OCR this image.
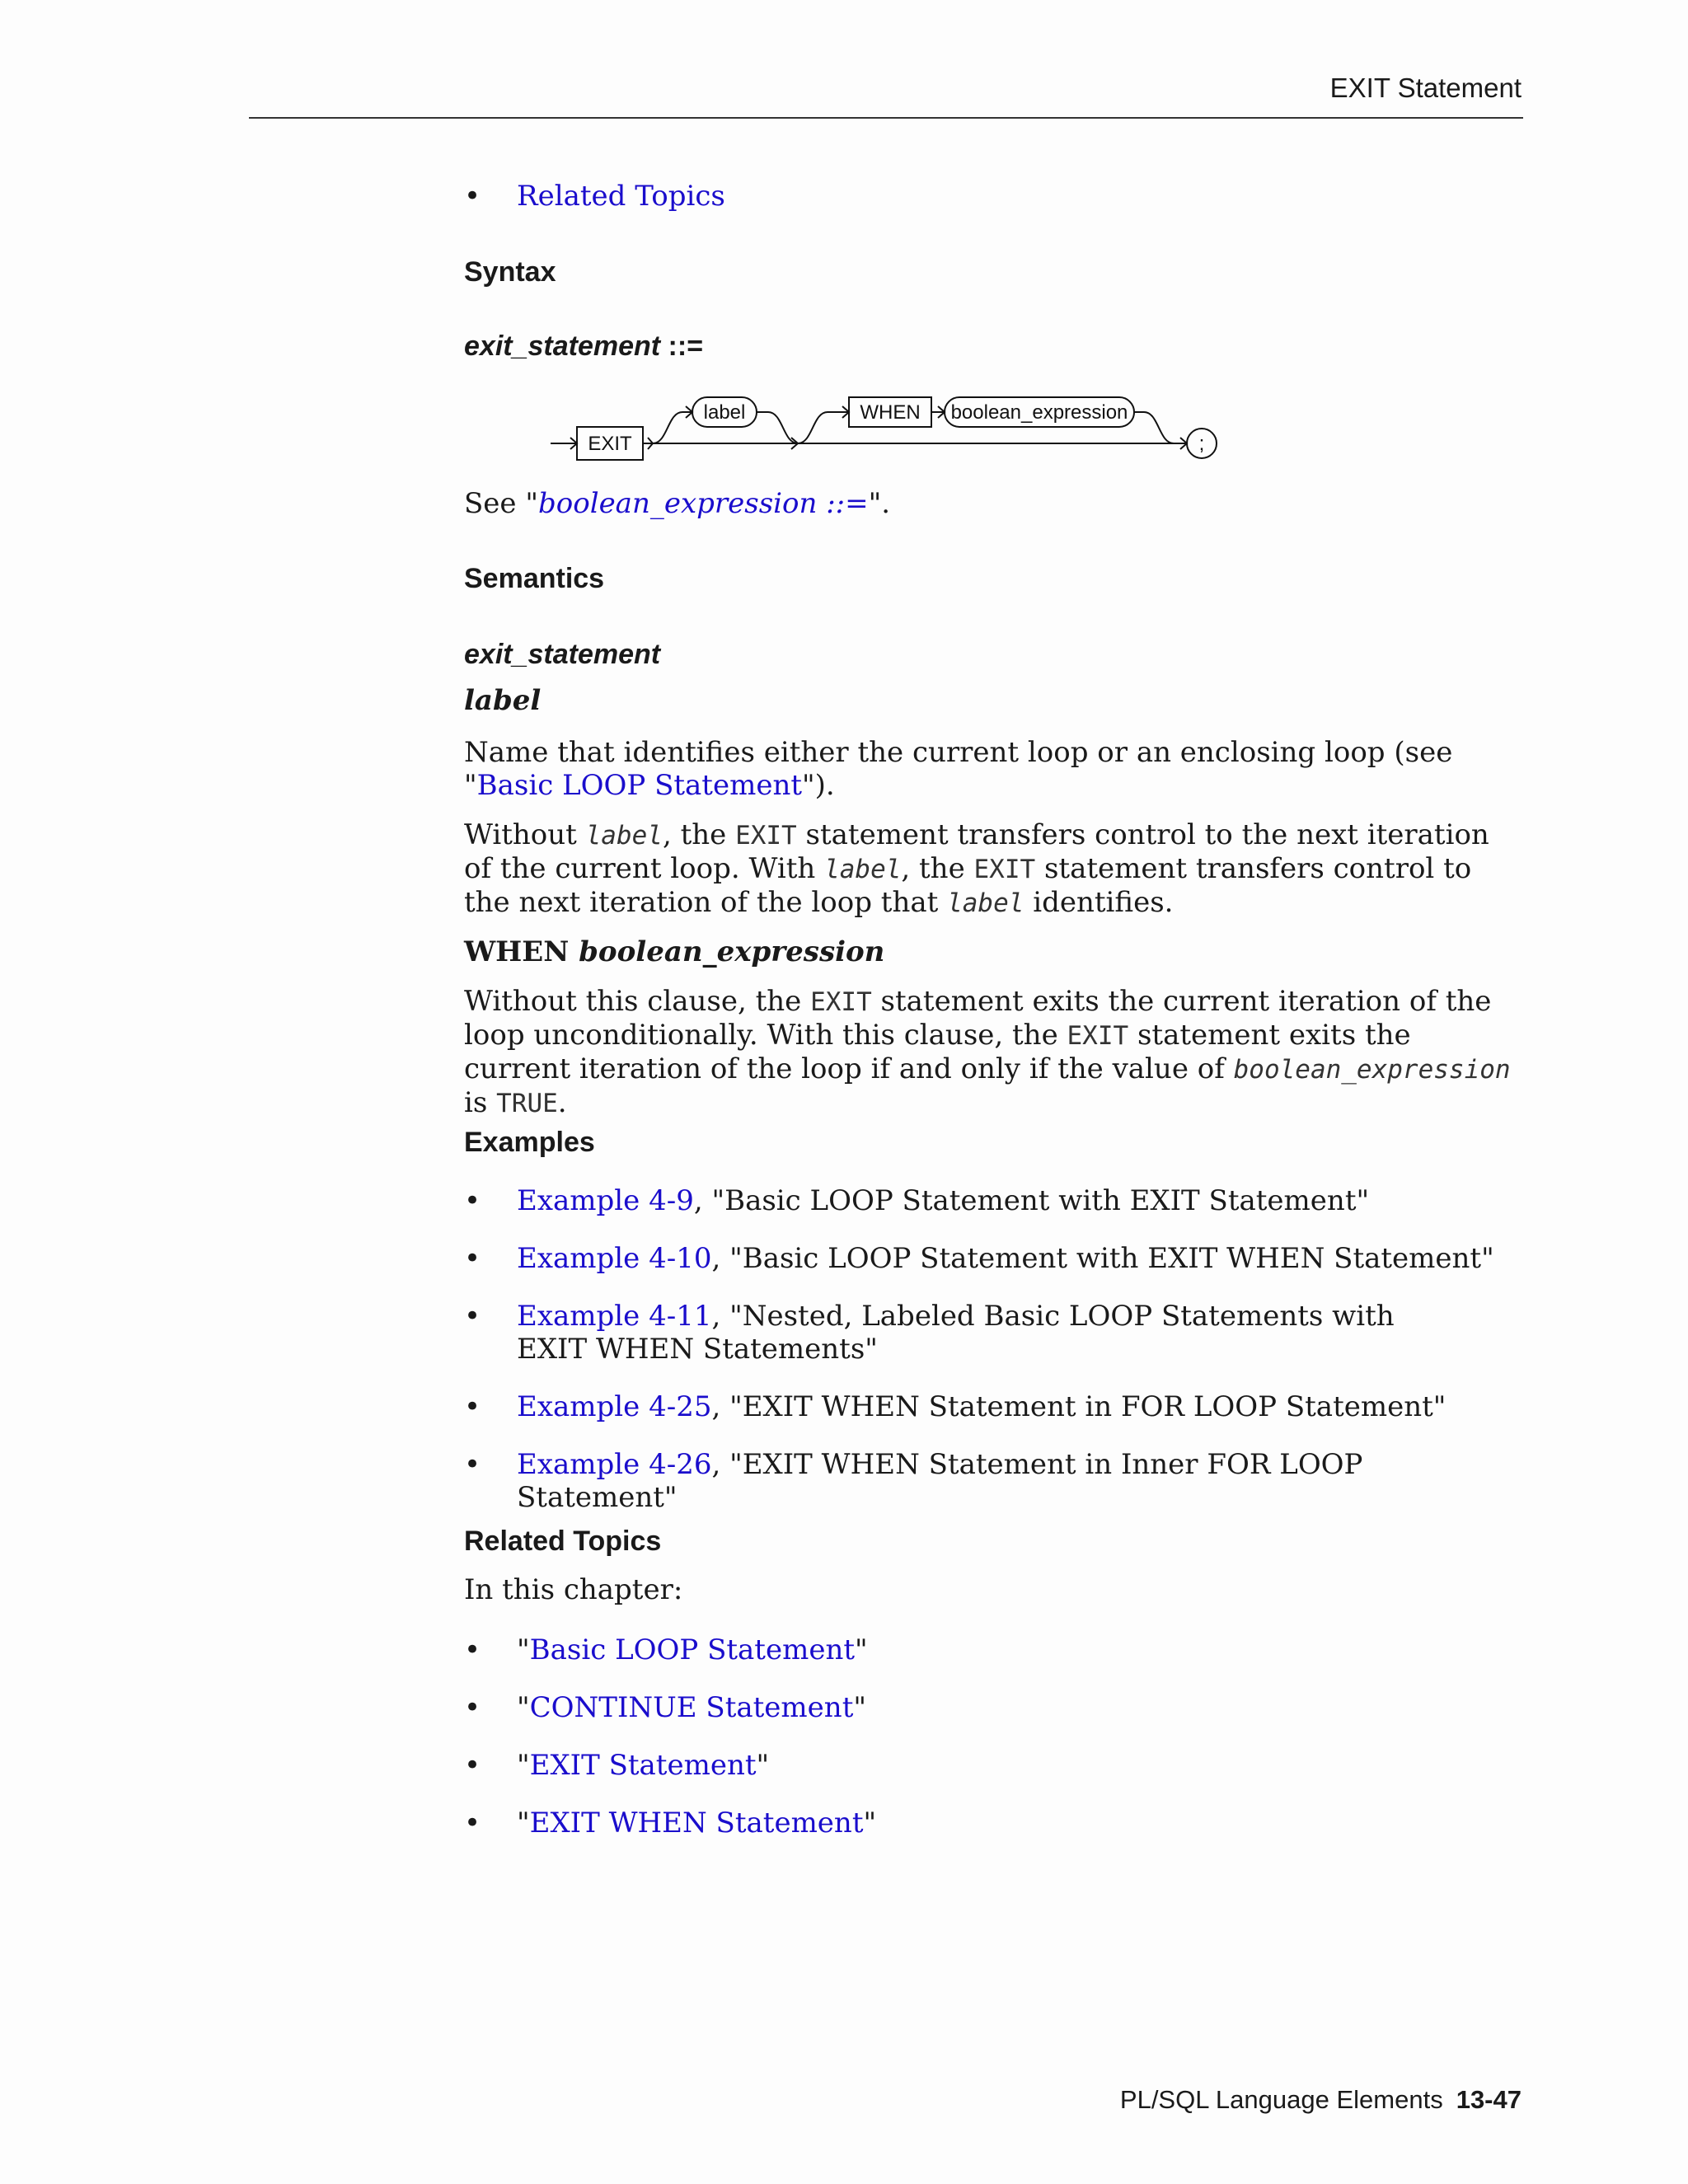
EXIT Statement
•	Related Topics
Syntax
exit_statement ::=
EXIT
label	WHEN boolean_expression
;
See "boolean_expression ::=".
Semantics
exit_statement
label
Name that identifies either the current loop or an enclosing loop (see "Basic LOOP Statement").
Without label, the EXIT statement transfers control to the next iteration of the current loop. With label, the EXIT statement transfers control to the next iteration of the loop that label identifies.
WHEN boolean_expression
Without this clause, the EXIT statement exits the current iteration of the loop unconditionally. With this clause, the EXIT statement exits the current iteration of the loop if and only if the value of boolean_expression is TRUE.
Examples
•	Example 4-9, "Basic LOOP Statement with EXIT Statement"
•	Example 4-10, "Basic LOOP Statement with EXIT WHEN Statement"
•	Example 4-11, "Nested, Labeled Basic LOOP Statements with EXIT WHEN Statements"
•	Example 4-25, "EXIT WHEN Statement in FOR LOOP Statement"
•	Example 4-26, "EXIT WHEN Statement in Inner FOR LOOP Statement"
Related Topics
In this chapter:
•	"Basic LOOP Statement"
•	"CONTINUE Statement"
•	"EXIT Statement"
•	"EXIT WHEN Statement"
PL/SQL Language Elements 13-47
